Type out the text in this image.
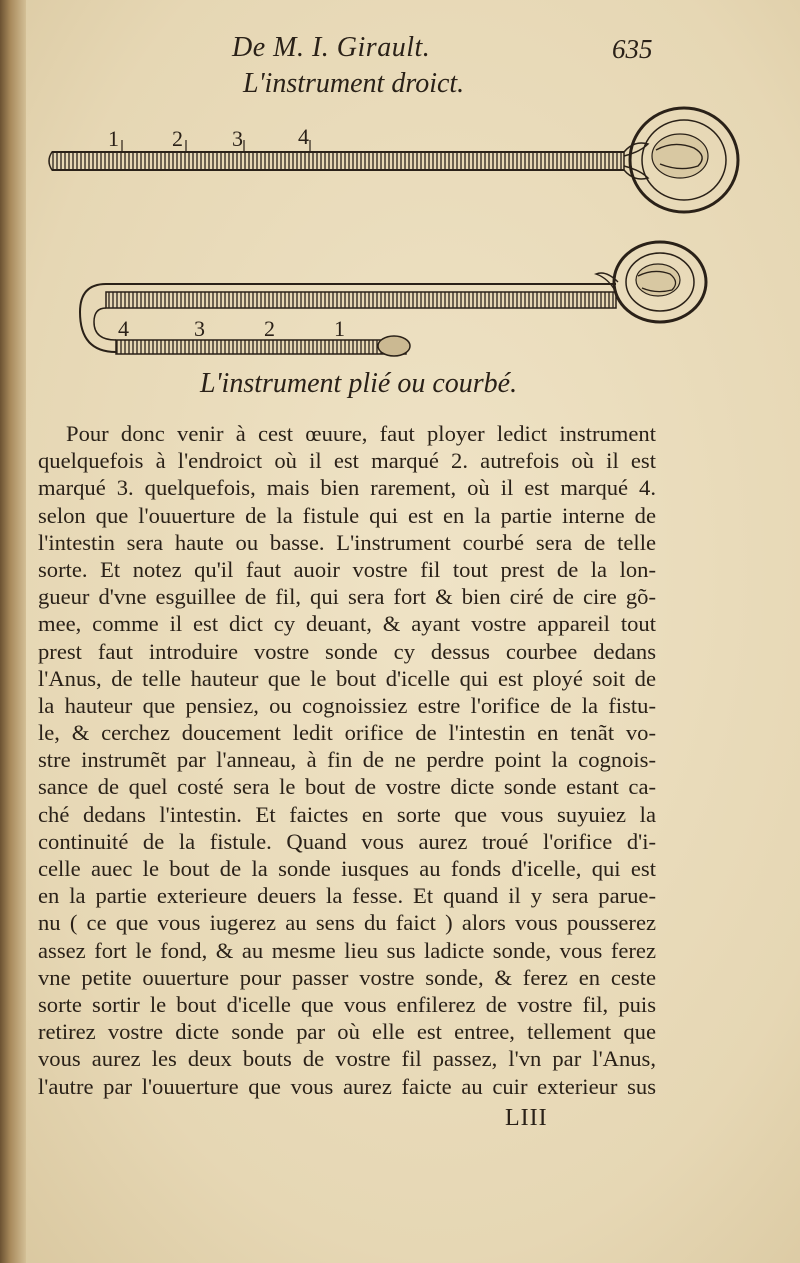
De M. I. Girault.	635
L'instrument droict.
1 2 3	4
4	3	2	1
L'instrument plié ou courbé.
Pour donc venir à cest œuure, faut ployer ledict instrument
quelquefois à l'endroict où il est marqué 2. autrefois où il est
marqué 3. quelquefois, mais bien rarement, où il est marqué 4.
selon que l'ouuerture de la fistule qui est en la partie interne de
l'intestin sera haute ou basse. L'instrument courbé sera de telle
sorte. Et notez qu'il faut auoir vostre fil tout prest de la lon-
gueur d'vne esguillee de fil, qui sera fort & bien ciré de cire gõ-
mee, comme il est dict cy deuant, & ayant vostre appareil tout
prest faut introduire vostre sonde cy dessus courbee dedans
l'Anus, de telle hauteur que le bout d'icelle qui est ployé soit de
la hauteur que pensiez, ou cognoissiez estre l'orifice de la fistu-
le, & cerchez doucement ledit orifice de l'intestin en tenãt vo-
stre instrumẽt par l'anneau, à fin de ne perdre point la cognois-
sance de quel costé sera le bout de vostre dicte sonde estant ca-
ché dedans l'intestin. Et faictes en sorte que vous suyuiez la
continuité de la fistule. Quand vous aurez troué l'orifice d'i-
celle auec le bout de la sonde iusques au fonds d'icelle, qui est
en la partie exterieure deuers la fesse. Et quand il y sera parue-
nu ( ce que vous iugerez au sens du faict ) alors vous pousserez
assez fort le fond, & au mesme lieu sus ladicte sonde, vous ferez
vne petite ouuerture pour passer vostre sonde, & ferez en ceste
sorte sortir le bout d'icelle que vous enfilerez de vostre fil, puis
retirez vostre dicte sonde par où elle est entree, tellement que
vous aurez les deux bouts de vostre fil passez, l'vn par l'Anus,
l'autre par l'ouuerture que vous aurez faicte au cuir exterieur sus
LIII
